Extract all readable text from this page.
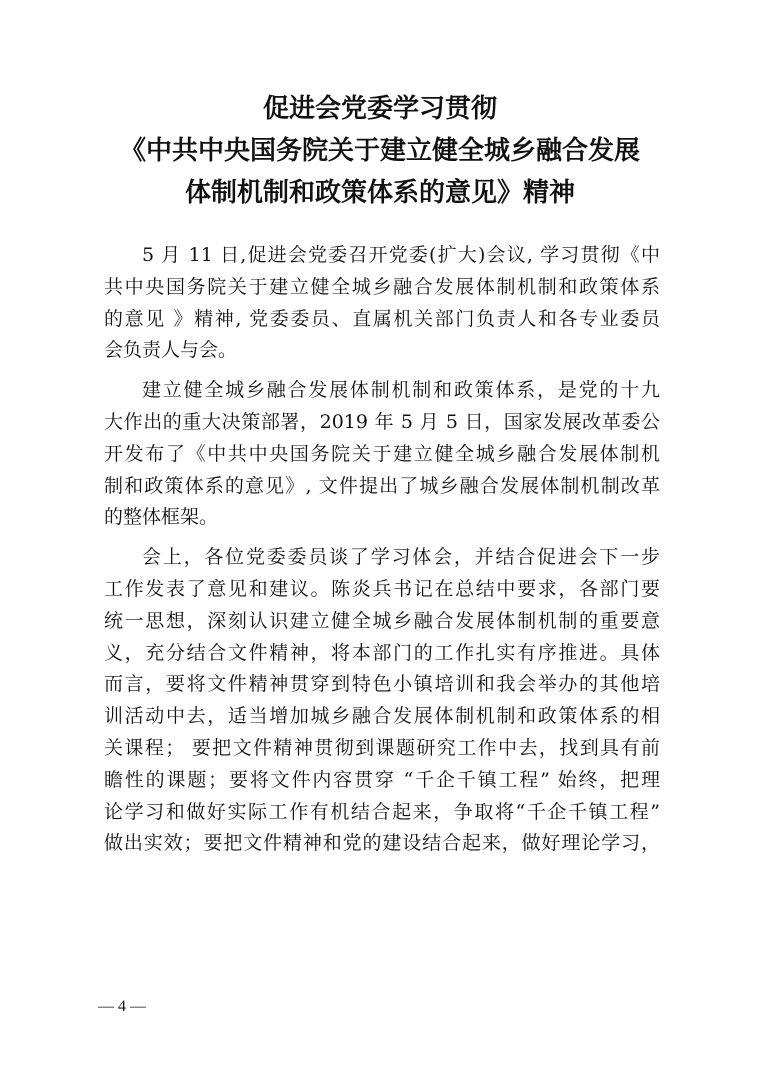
促进会党委学习贯彻
《中共中央国务院关于建立健全城乡融合发展
体制机制和政策体系的意见》精神
5 月 11 日,促进会党委召开党委(扩大)会议, 学习贯彻《中
共中央国务院关于建立健全城乡融合发展体制机制和政策体系
的意见 》精神, 党委委员、直属机关部门负责人和各专业委员
会负责人与会。
建立健全城乡融合发展体制机制和政策体系，是党的十九
大作出的重大决策部署，2019 年 5 月 5 日，国家发展改革委公
开发布了《中共中央国务院关于建立健全城乡融合发展体制机
制和政策体系的意见》, 文件提出了城乡融合发展体制机制改革
的整体框架。
会上，各位党委委员谈了学习体会，并结合促进会下一步
工作发表了意见和建议。陈炎兵书记在总结中要求，各部门要
统一思想，深刻认识建立健全城乡融合发展体制机制的重要意
义，充分结合文件精神，将本部门的工作扎实有序推进。具体
而言，要将文件精神贯穿到特色小镇培训和我会举办的其他培
训活动中去，适当增加城乡融合发展体制机制和政策体系的相
关课程； 要把文件精神贯彻到课题研究工作中去，找到具有前
瞻性的课题；要将文件内容贯穿 “千企千镇工程” 始终，把理
论学习和做好实际工作有机结合起来，争取将“千企千镇工程”
做出实效；要把文件精神和党的建设结合起来，做好理论学习，
— 4 —
